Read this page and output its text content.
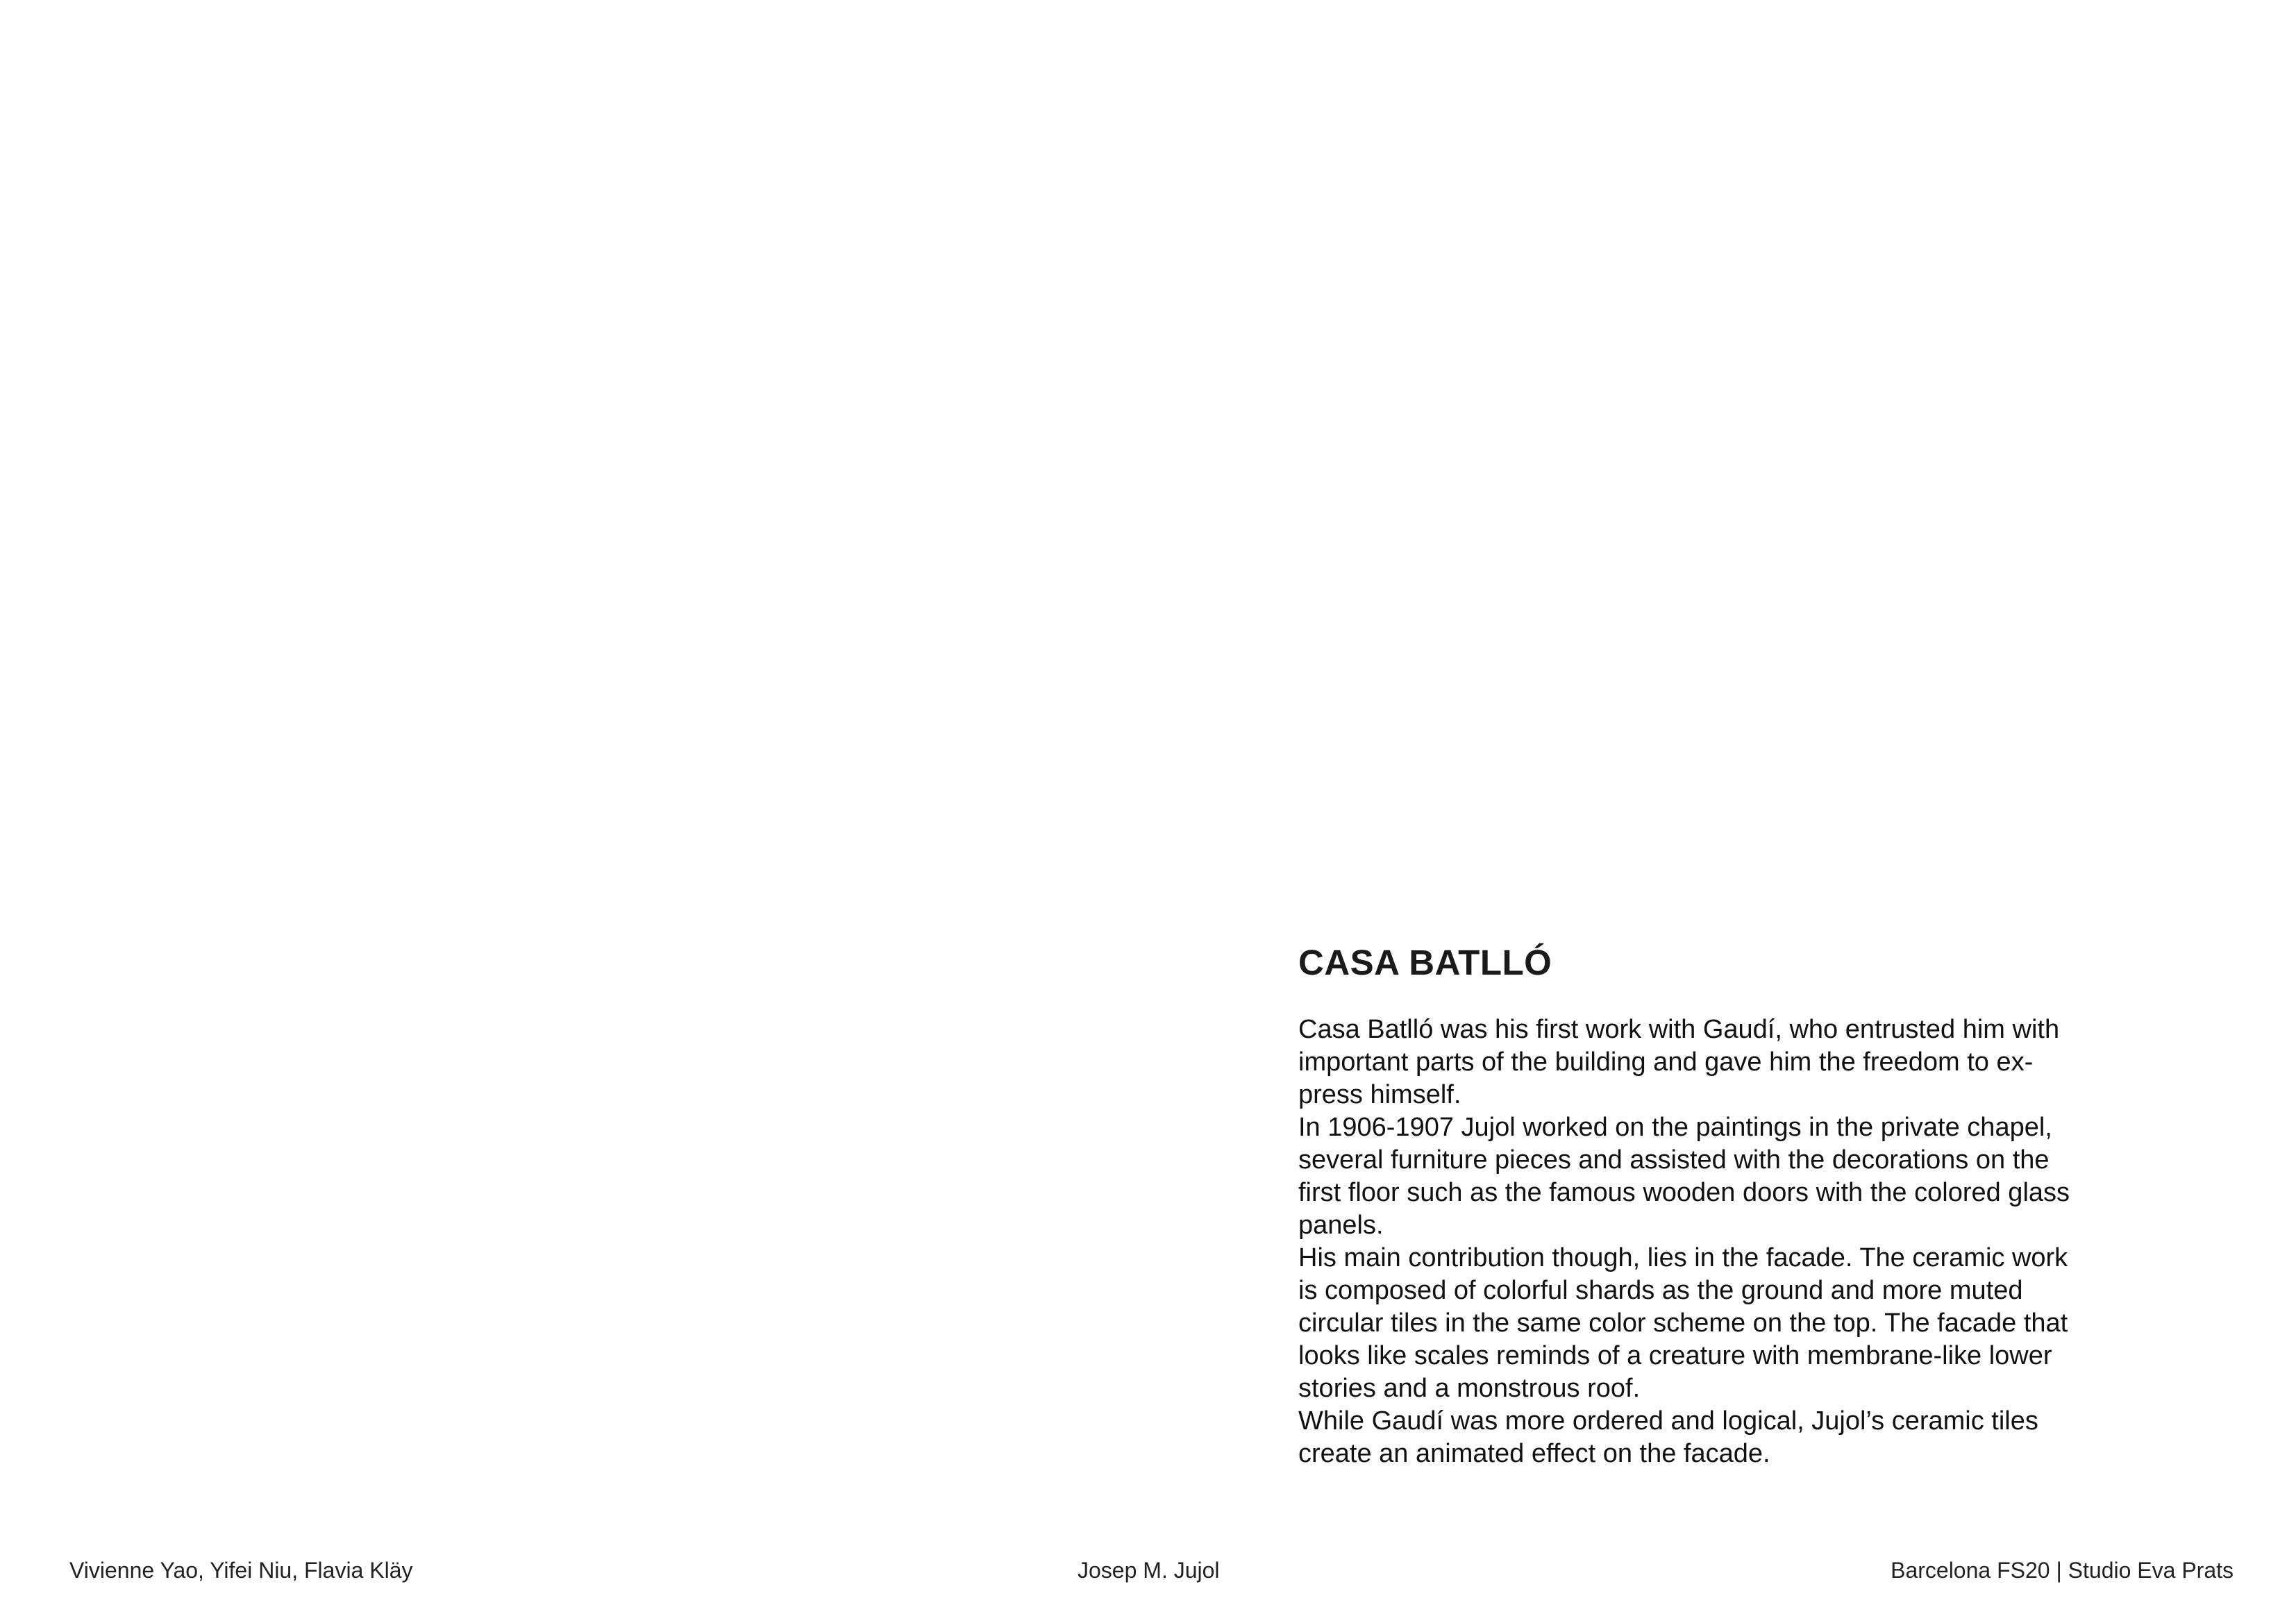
CASA BATLLÓ

Casa Batlló was his first work with Gaudí, who entrusted him with
important parts of the building and gave him the freedom to ex-
press himself.

In 1906-1907 Jujol worked on the paintings in the private chapel,
several furniture pieces and assisted with the decorations on the
first floor such as the famous wooden doors with the colored glass
panels.

His main contribution though, lies in the facade. The ceramic work
is composed of colorful shards as the ground and more muted
circular tiles in the same color scheme on the top. The facade that
looks like scales reminds of a creature with membrane-like lower
stories and a monstrous roof.

While Gaudí was more ordered and logical, Jujol’s ceramic tiles
create an animated effect on the facade.

Vivienne Yao, Yifei Niu, Flavia Kläy	Josep M. Jujol	Barcelona FS20 | Studio Eva Prats
